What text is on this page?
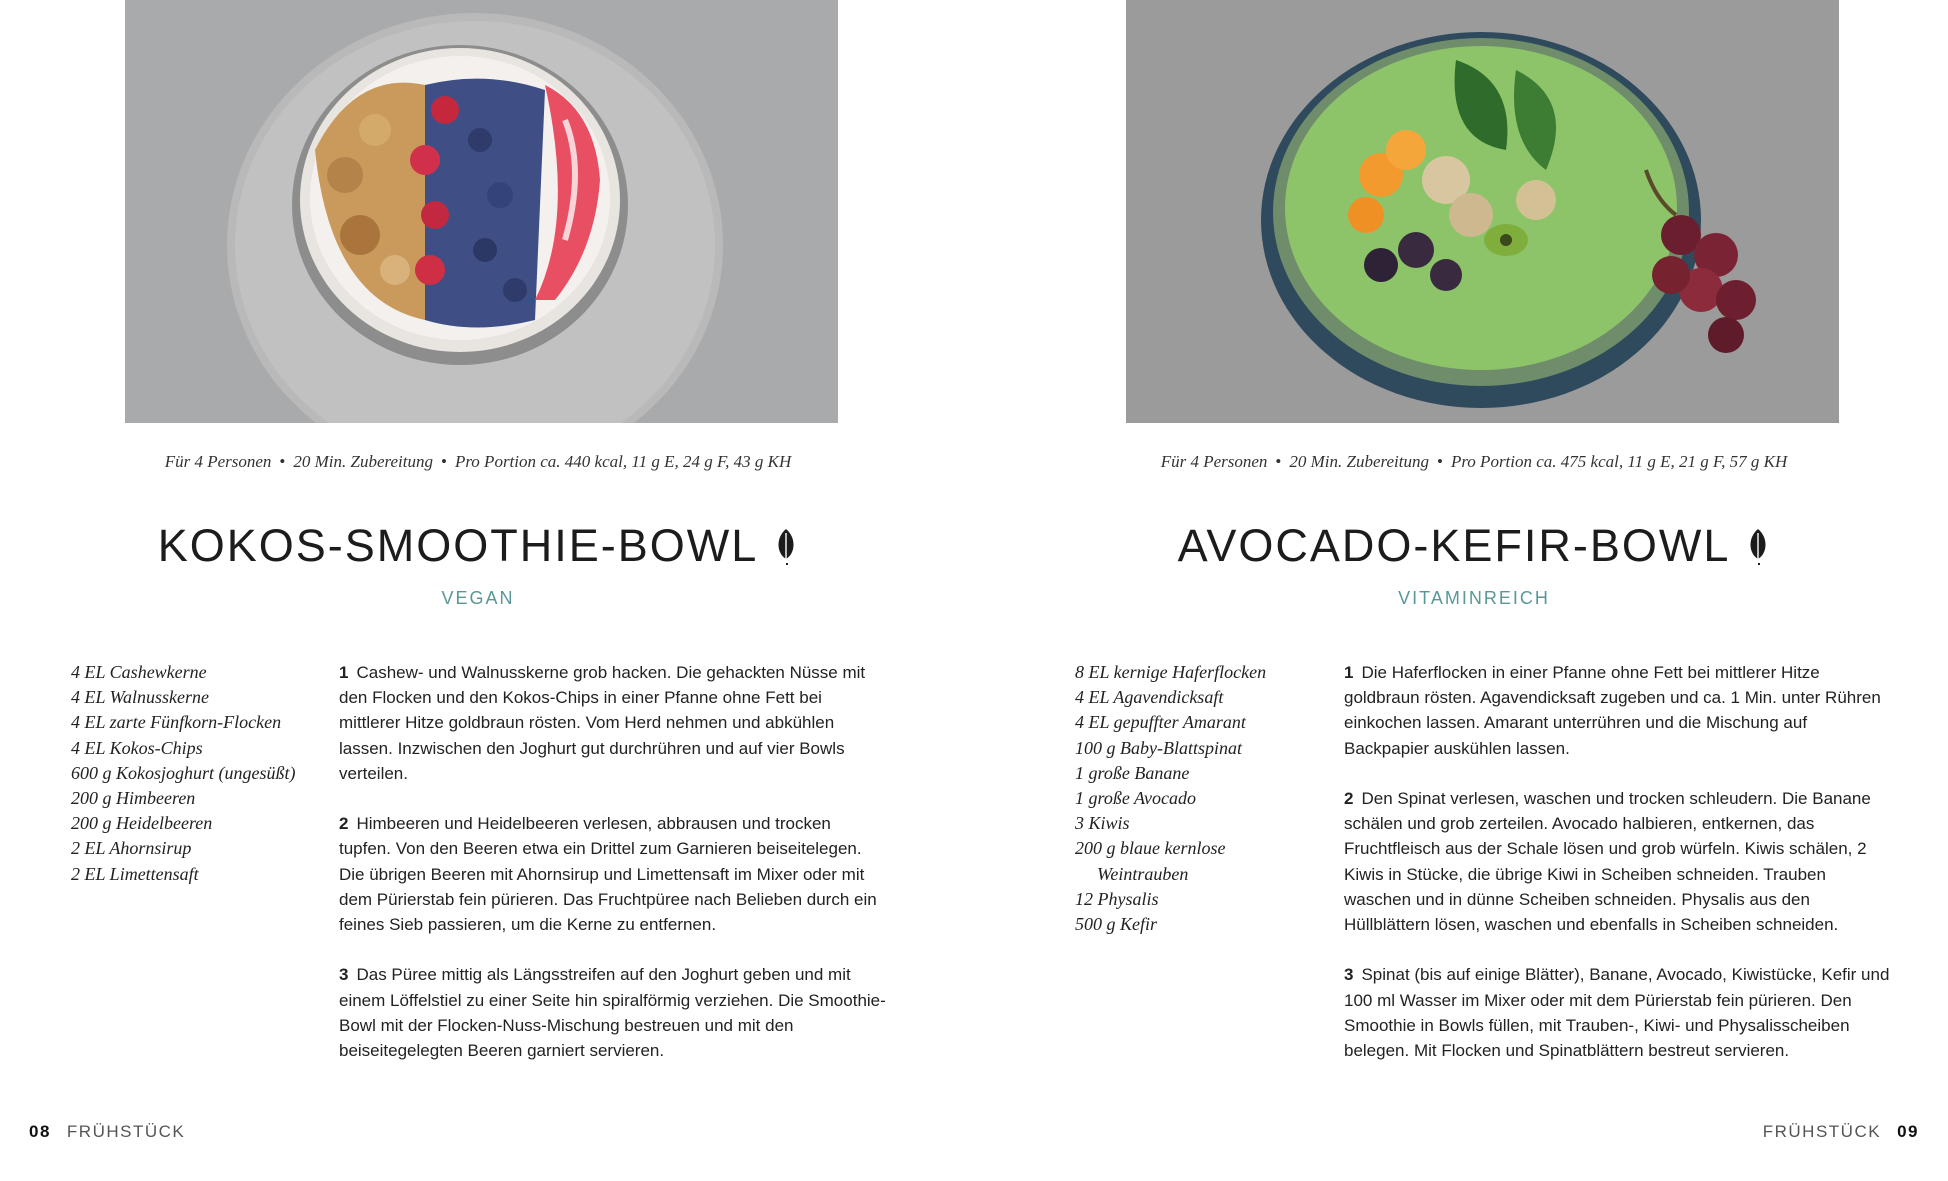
Für 4 Personen • 20 Min. Zubereitung • Pro Portion ca. 440 kcal, 11 g E, 24 g F, 43 g KH
KOKOS-SMOOTHIE-BOWL
VEGAN
4 EL Cashewkerne
4 EL Walnusskerne
4 EL zarte Fünfkorn-Flocken
4 EL Kokos-Chips
600 g Kokosjoghurt (ungesüßt)
200 g Himbeeren
200 g Heidelbeeren
2 EL Ahornsirup
2 EL Limettensaft

1 Cashew- und Walnusskerne grob hacken. Die gehackten Nüsse mit den Flocken und den Kokos-Chips in einer Pfanne ohne Fett bei mittlerer Hitze goldbraun rösten. Vom Herd nehmen und abkühlen lassen. Inzwischen den Joghurt gut durchrühren und auf vier Bowls verteilen.

2 Himbeeren und Heidelbeeren verlesen, abbrausen und trocken tupfen. Von den Beeren etwa ein Drittel zum Garnieren beiseitelegen. Die übrigen Beeren mit Ahornsirup und Limettensaft im Mixer oder mit dem Pürierstab fein pürieren. Das Fruchtpüree nach Belieben durch ein feines Sieb passieren, um die Kerne zu entfernen.

3 Das Püree mittig als Längsstreifen auf den Joghurt geben und mit einem Löffelstiel zu einer Seite hin spiralförmig verziehen. Die Smoothie-Bowl mit der Flocken-Nuss-Mischung bestreuen und mit den beiseitegelegten Beeren garniert servieren.

08 FRÜHSTÜCK
Für 4 Personen • 20 Min. Zubereitung • Pro Portion ca. 475 kcal, 11 g E, 21 g F, 57 g KH
AVOCADO-KEFIR-BOWL
VITAMINREICH
8 EL kernige Haferflocken
4 EL Agavendicksaft
4 EL gepuffter Amarant
100 g Baby-Blattspinat
1 große Banane
1 große Avocado
3 Kiwis
200 g blaue kernlose
Weintrauben
12 Physalis
500 g Kefir

1 Die Haferflocken in einer Pfanne ohne Fett bei mittlerer Hitze goldbraun rösten. Agavendicksaft zugeben und ca. 1 Min. unter Rühren einkochen lassen. Amarant unterrühren und die Mischung auf Backpapier auskühlen lassen.

2 Den Spinat verlesen, waschen und trocken schleudern. Die Banane schälen und grob zerteilen. Avocado halbieren, entkernen, das Fruchtfleisch aus der Schale lösen und grob würfeln. Kiwis schälen, 2 Kiwis in Stücke, die übrige Kiwi in Scheiben schneiden. Trauben waschen und in dünne Scheiben schneiden. Physalis aus den Hüllblättern lösen, waschen und ebenfalls in Scheiben schneiden.

3 Spinat (bis auf einige Blätter), Banane, Avocado, Kiwistücke, Kefir und 100 ml Wasser im Mixer oder mit dem Pürierstab fein pürieren. Den Smoothie in Bowls füllen, mit Trauben-, Kiwi- und Physalisscheiben belegen. Mit Flocken und Spinatblättern bestreut servieren.

FRÜHSTÜCK 09
